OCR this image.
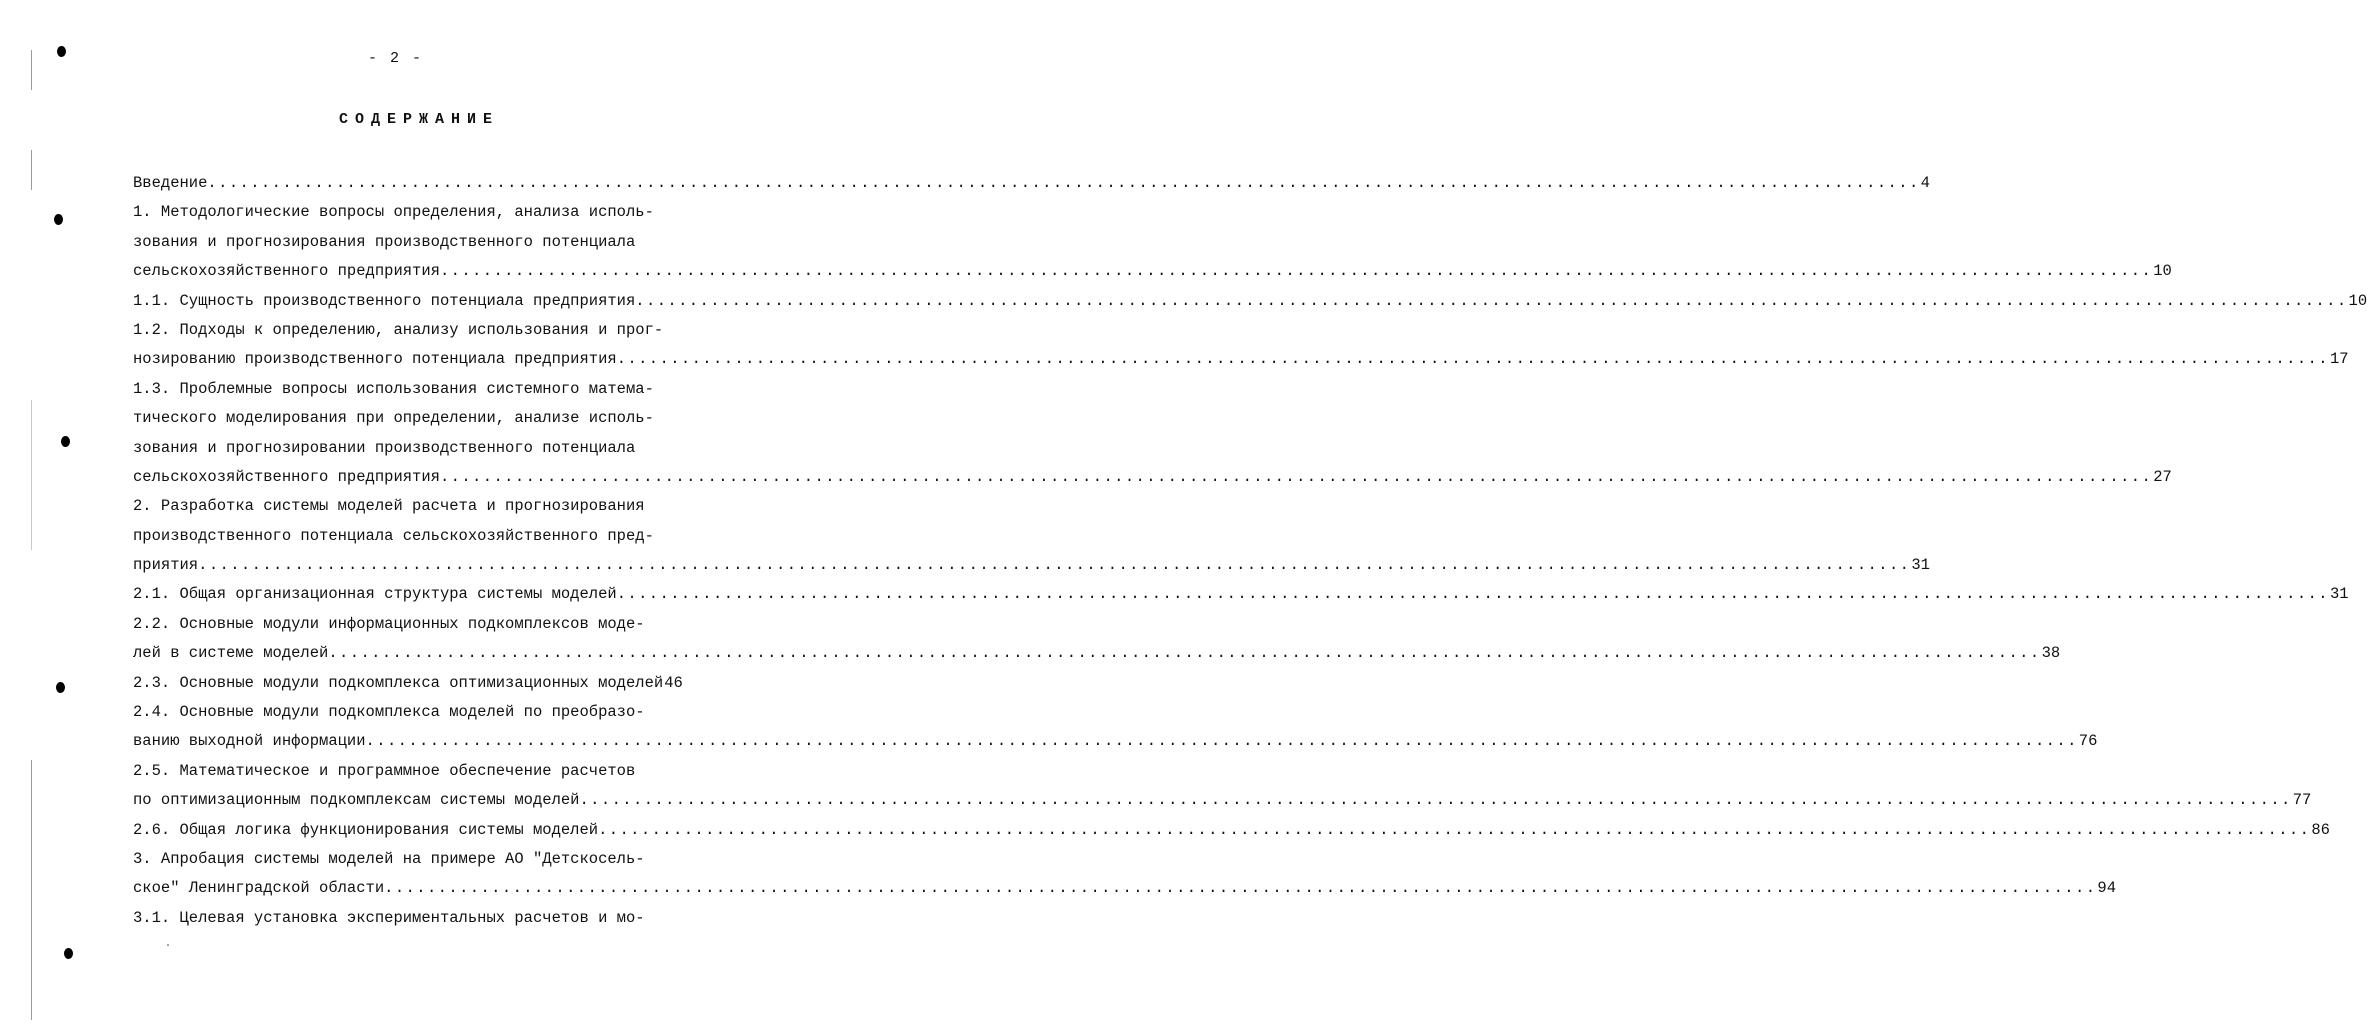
- 2 -
СОДЕРЖАНИЕ
Введение ................................................................................................................................................................ 4
1. Методологические вопросы определения, анализа исполь-
зования и прогнозирования производственного потенциала
сельскохозяйственного предприятия ................................................................................................................................................................ 10
1.1. Сущность производственного потенциала предприятия ................................................................................................................................................................ 10
1.2. Подходы к определению, анализу использования и прог-
нозированию производственного потенциала предприятия ................................................................................................................................................................ 17
1.3. Проблемные вопросы использования системного матема-
тического моделирования при определении, анализе исполь-
зования и прогнозировании производственного потенциала
сельскохозяйственного предприятия ................................................................................................................................................................ 27
2. Разработка системы моделей расчета и прогнозирования
производственного потенциала сельскохозяйственного пред-
приятия ................................................................................................................................................................ 31
2.1. Общая организационная структура системы моделей ................................................................................................................................................................ 31
2.2. Основные модули информационных подкомплексов моде-
лей в системе моделей ................................................................................................................................................................ 38
2.3. Основные модули подкомплекса оптимизационных моделей 46
2.4. Основные модули подкомплекса моделей по преобразо-
ванию выходной информации ................................................................................................................................................................ 76
2.5. Математическое и программное обеспечение расчетов
по оптимизационным подкомплексам системы моделей ................................................................................................................................................................ 77
2.6. Общая логика функционирования системы моделей ................................................................................................................................................................ 86
3. Апробация системы моделей на примере АО "Детскосель-
ское" Ленинградской области ................................................................................................................................................................ 94
3.1. Целевая установка экспериментальных расчетов и мо-
